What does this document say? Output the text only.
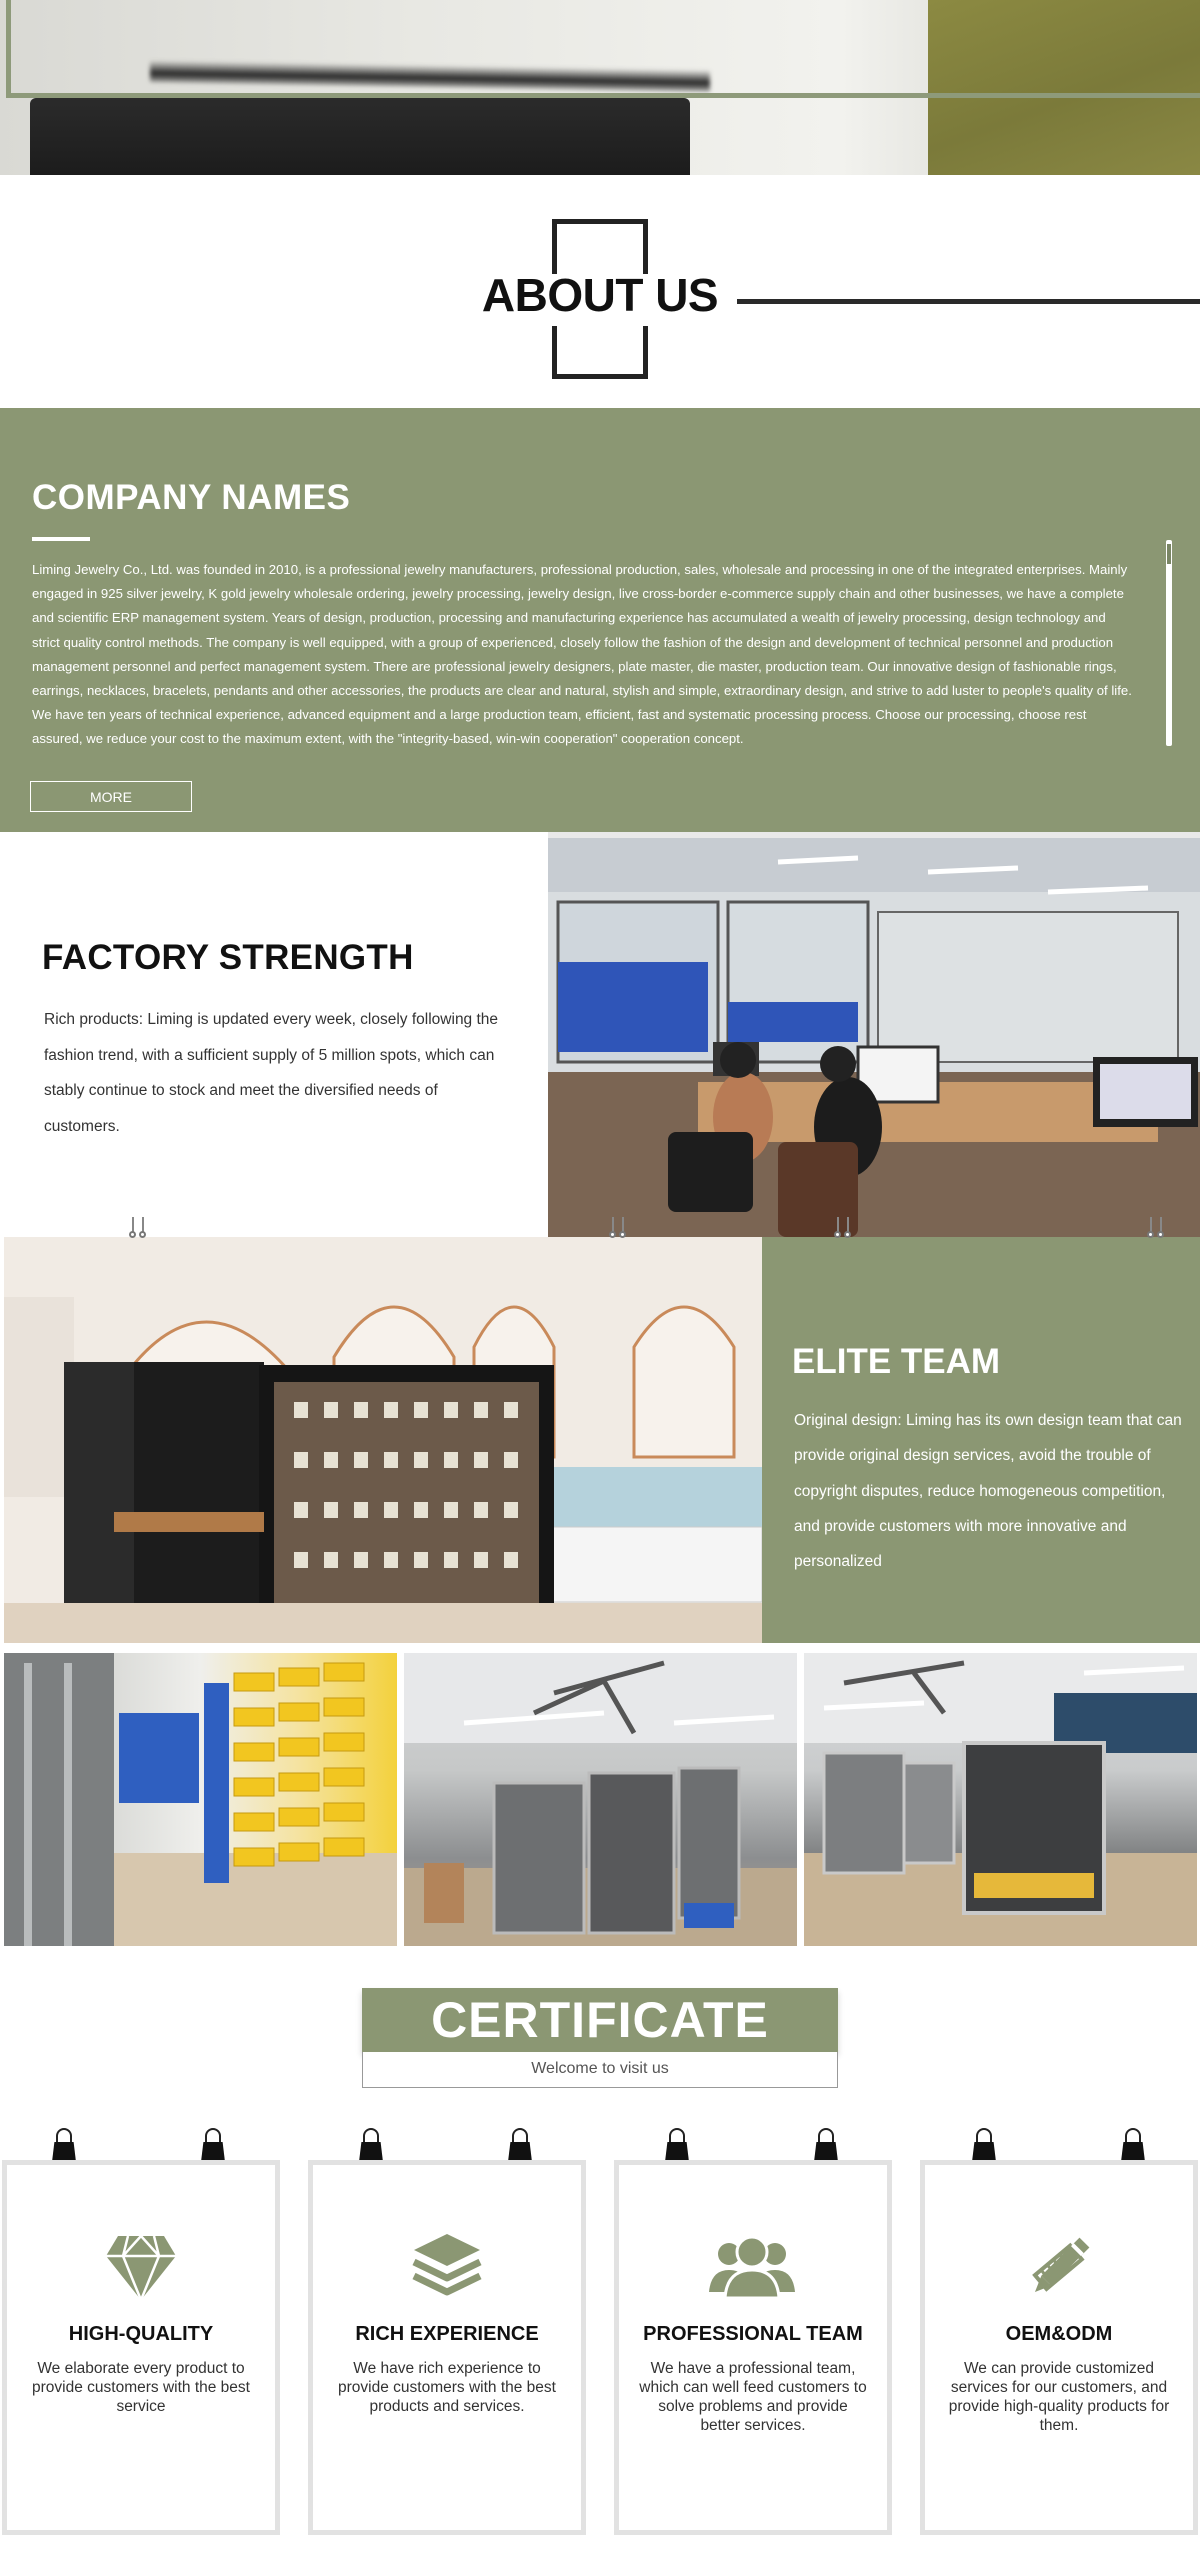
ABOUT US
COMPANY NAMES

Liming Jewelry Co., Ltd. was founded in 2010, is a professional jewelry manufacturers, professional production, sales, wholesale and processing in one of the integrated enterprises. Mainly engaged in 925 silver jewelry, K gold jewelry wholesale ordering, jewelry processing, jewelry design, live cross-border e-commerce supply chain and other businesses, we have a complete and scientific ERP management system. Years of design, production, processing and manufacturing experience has accumulated a wealth of jewelry processing, design technology and strict quality control methods. The company is well equipped, with a group of experienced, closely follow the fashion of the design and development of technical personnel and production management personnel and perfect management system. There are professional jewelry designers, plate master, die master, production team. Our innovative design of fashionable rings, earrings, necklaces, bracelets, pendants and other accessories, the products are clear and natural, stylish and simple, extraordinary design, and strive to add luster to people's quality of life. We have ten years of technical experience, advanced equipment and a large production team, efficient, fast and systematic processing process. Choose our processing, choose rest assured, we reduce your cost to the maximum extent, with the "integrity-based, win-win cooperation" cooperation concept.

MORE
FACTORY STRENGTH

Rich products: Liming is updated every week, closely following the fashion trend, with a sufficient supply of 5 million spots, which can stably continue to stock and meet the diversified needs of customers.

ELITE TEAM

Original design: Liming has its own design team that can provide original design services, avoid the trouble of copyright disputes, reduce homogeneous competition, and provide customers with more innovative and personalized

CERTIFICATE
Welcome to visit us
HIGH-QUALITY

We elaborate every product to provide customers with the best service

RICH EXPERIENCE

We have rich experience to provide customers with the best products and services.

PROFESSIONAL TEAM

We have a professional team, which can well feed customers to solve problems and provide better services.

OEM&ODM

We can provide customized services for our customers, and provide high-quality products for them.
